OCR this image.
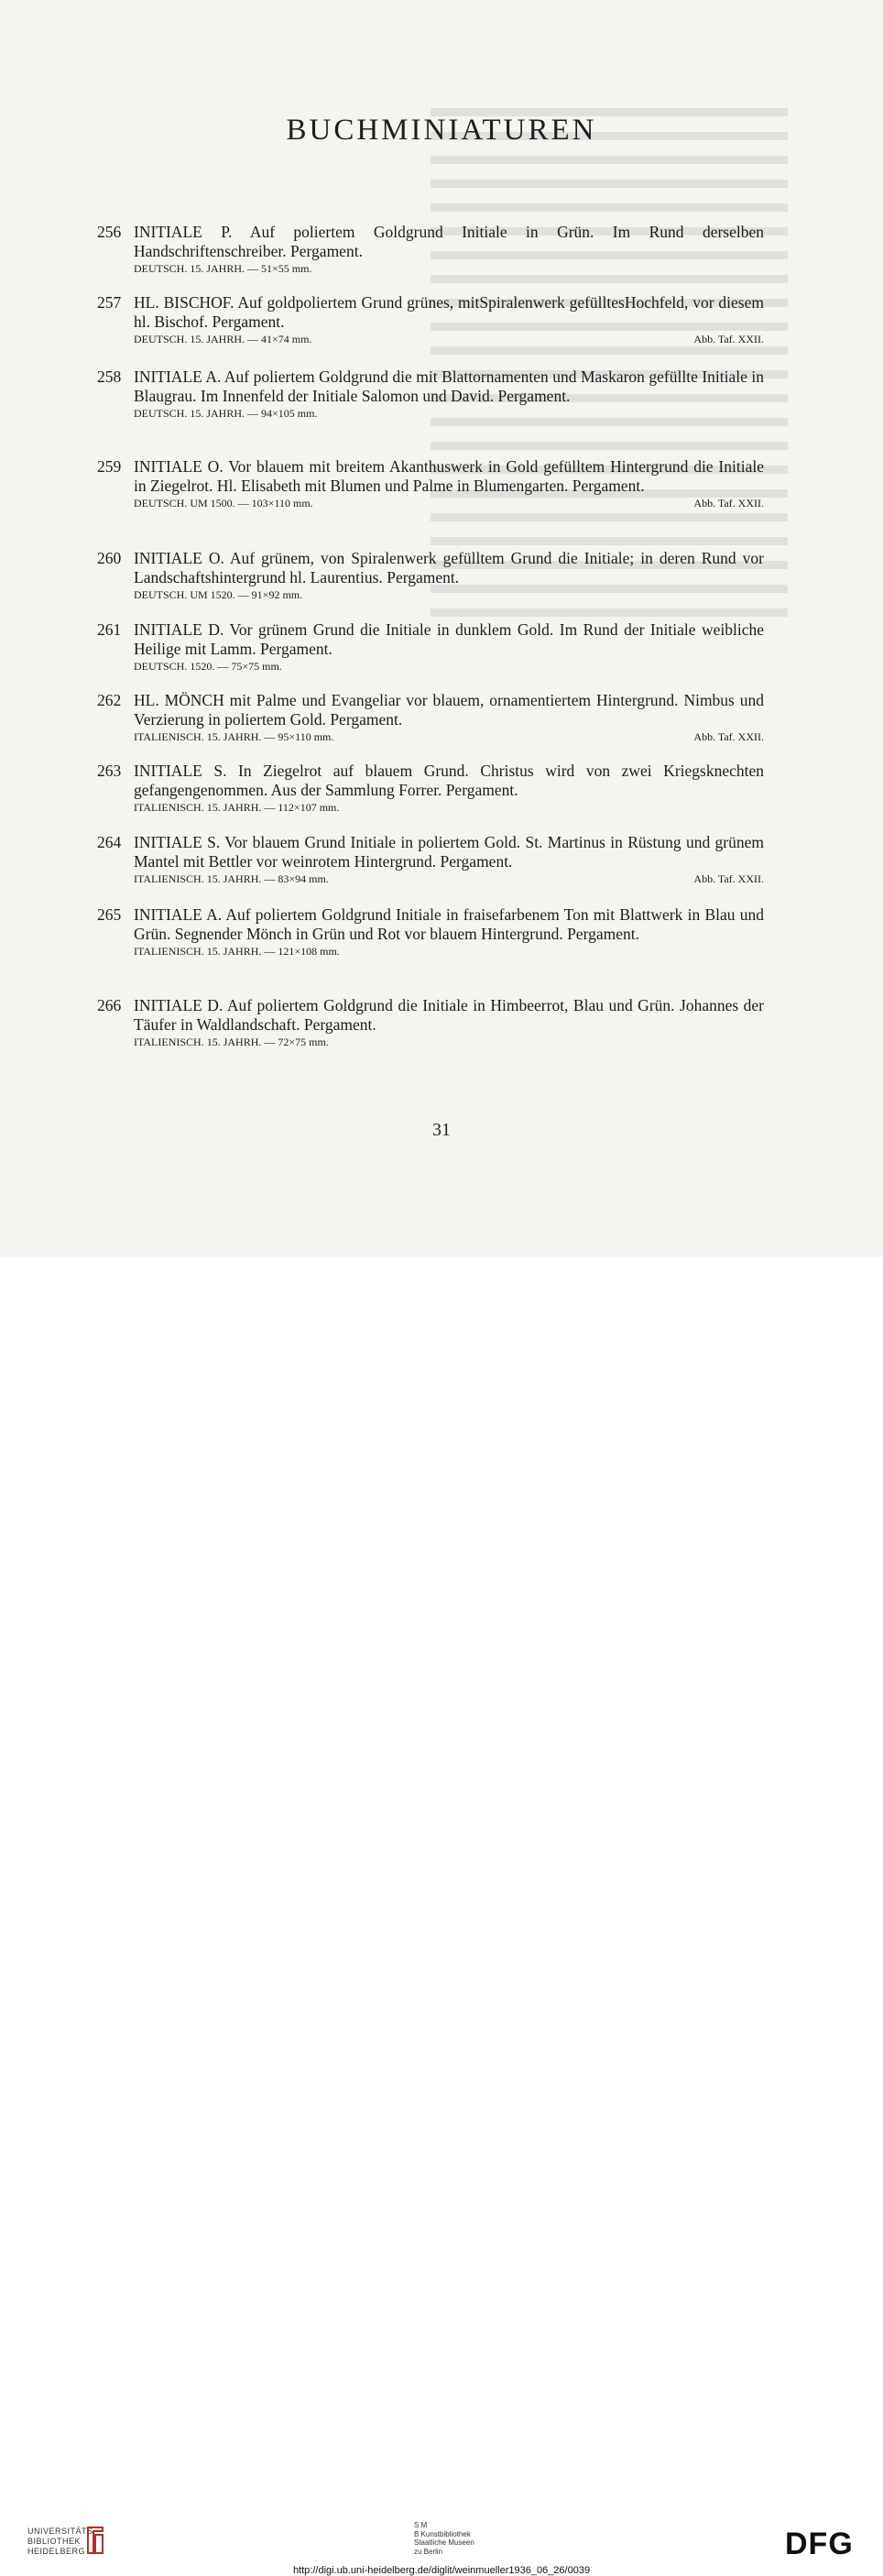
BUCHMINIATUREN
256 INITIALE P. Auf poliertem Goldgrund Initiale in Grün. Im Rund derselben Handschriftenschreiber. Pergament.
DEUTSCH. 15. JAHRH. — 51×55 mm.
257 HL. BISCHOF. Auf goldpoliertem Grund grünes, mitSpiralenwerk gefülltesHochfeld, vor diesem hl. Bischof. Pergament.
DEUTSCH. 15. JAHRH. — 41×74 mm.	Abb. Taf. XXII.
258 INITIALE A. Auf poliertem Goldgrund die mit Blattornamenten und Maskaron gefüllte Initiale in Blaugrau. Im Innenfeld der Initiale Salomon und David. Pergament.
DEUTSCH. 15. JAHRH. — 94×105 mm.
259 INITIALE O. Vor blauem mit breitem Akanthuswerk in Gold gefülltem Hintergrund die Initiale in Ziegelrot. Hl. Elisabeth mit Blumen und Palme in Blumengarten. Pergament.
DEUTSCH. UM 1500. — 103×110 mm.	Abb. Taf. XXII.
260 INITIALE O. Auf grünem, von Spiralenwerk gefülltem Grund die Initiale; in deren Rund vor Landschaftshintergrund hl. Laurentius. Pergament.
DEUTSCH. UM 1520. — 91×92 mm.
261 INITIALE D. Vor grünem Grund die Initiale in dunklem Gold. Im Rund der Initiale weibliche Heilige mit Lamm. Pergament.
DEUTSCH. 1520. — 75×75 mm.
262 HL. MÖNCH mit Palme und Evangeliar vor blauem, ornamentiertem Hintergrund. Nimbus und Verzierung in poliertem Gold. Pergament.
ITALIENISCH. 15. JAHRH. — 95×110 mm.	Abb. Taf. XXII.
263 INITIALE S. In Ziegelrot auf blauem Grund. Christus wird von zwei Kriegsknechten gefangengenommen. Aus der Sammlung Forrer. Pergament.
ITALIENISCH. 15. JAHRH. — 112×107 mm.
264 INITIALE S. Vor blauem Grund Initiale in poliertem Gold. St. Martinus in Rüstung und grünem Mantel mit Bettler vor weinrotem Hintergrund. Pergament.
ITALIENISCH. 15. JAHRH. — 83×94 mm.	Abb. Taf. XXII.
265 INITIALE A. Auf poliertem Goldgrund Initiale in fraisefarbenem Ton mit Blattwerk in Blau und Grün. Segnender Mönch in Grün und Rot vor blauem Hintergrund. Pergament.
ITALIENISCH. 15. JAHRH. — 121×108 mm.
266 INITIALE D. Auf poliertem Goldgrund die Initiale in Himbeerrot, Blau und Grün. Johannes der Täufer in Waldlandschaft. Pergament.
ITALIENISCH. 15. JAHRH. — 72×75 mm.
31
UNIVERSITÄTS-
BIBLIOTHEK
HEIDELBERG
S M
B Kunstbibliothek
Staatliche Museen
zu Berlin	DFG
http://digi.ub.uni-heidelberg.de/diglit/weinmueller1936_06_26/0039
